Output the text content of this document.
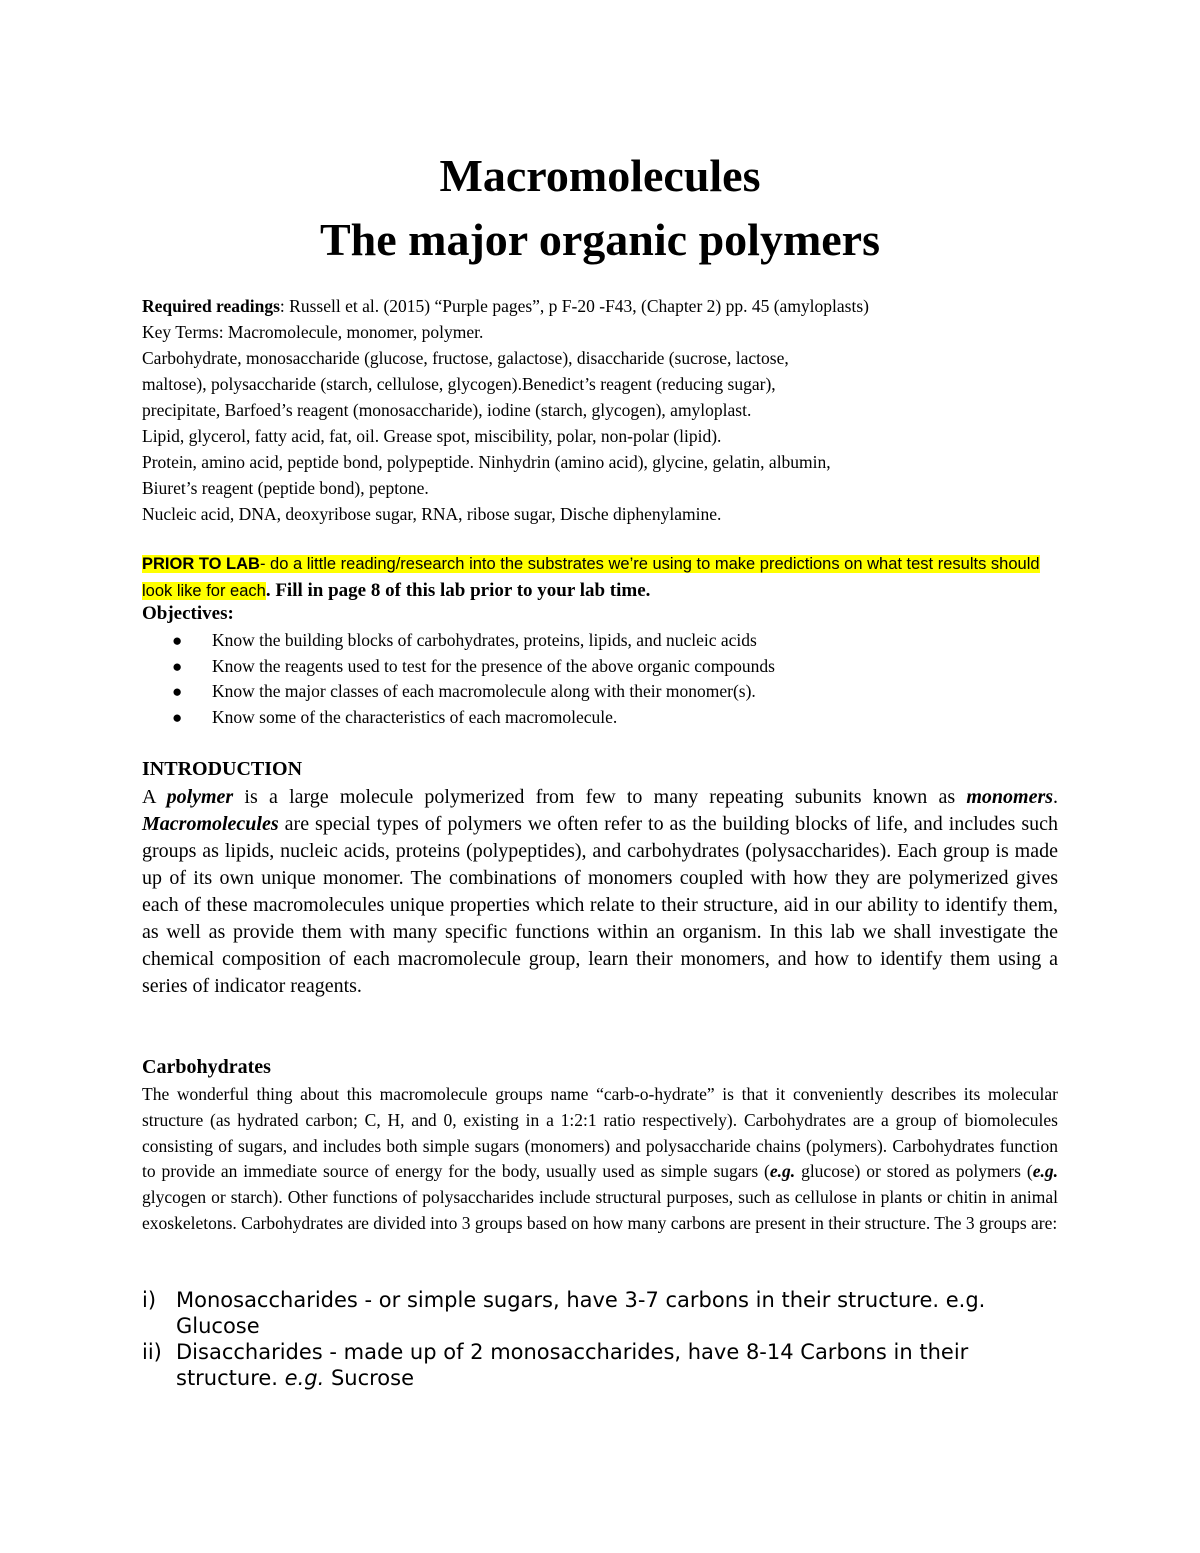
Macromolecules
The major organic polymers
Required readings: Russell et al. (2015) “Purple pages”, p F-20 -F43, (Chapter 2) pp. 45 (amyloplasts)
Key Terms: Macromolecule, monomer, polymer.
Carbohydrate, monosaccharide (glucose, fructose, galactose), disaccharide (sucrose, lactose,
maltose), polysaccharide (starch, cellulose, glycogen).Benedict’s reagent (reducing sugar),
precipitate, Barfoed’s reagent (monosaccharide), iodine (starch, glycogen), amyloplast.
Lipid, glycerol, fatty acid, fat, oil. Grease spot, miscibility, polar, non-polar (lipid).
Protein, amino acid, peptide bond, polypeptide. Ninhydrin (amino acid), glycine, gelatin, albumin,
Biuret’s reagent (peptide bond), peptone.
Nucleic acid, DNA, deoxyribose sugar, RNA, ribose sugar, Dische diphenylamine.
PRIOR TO LAB- do a little reading/research into the substrates we’re using to make predictions on what test results should look like for each. Fill in page 8 of this lab prior to your lab time.
Objectives:
● Know the building blocks of carbohydrates, proteins, lipids, and nucleic acids
● Know the reagents used to test for the presence of the above organic compounds
● Know the major classes of each macromolecule along with their monomer(s).
● Know some of the characteristics of each macromolecule.
INTRODUCTION

A polymer is a large molecule polymerized from few to many repeating subunits known as monomers. Macromolecules are special types of polymers we often refer to as the building blocks of life, and includes such groups as lipids, nucleic acids, proteins (polypeptides), and carbohydrates (polysaccharides). Each group is made up of its own unique monomer. The combinations of monomers coupled with how they are polymerized gives each of these macromolecules unique properties which relate to their structure, aid in our ability to identify them, as well as provide them with many specific functions within an organism. In this lab we shall investigate the chemical composition of each macromolecule group, learn their monomers, and how to identify them using a series of indicator reagents.

Carbohydrates

The wonderful thing about this macromolecule groups name “carb-o-hydrate” is that it conveniently describes its molecular structure (as hydrated carbon; C, H, and 0, existing in a 1:2:1 ratio respectively). Carbohydrates are a group of biomolecules consisting of sugars, and includes both simple sugars (monomers) and polysaccharide chains (polymers). Carbohydrates function to provide an immediate source of energy for the body, usually used as simple sugars (e.g. glucose) or stored as polymers (e.g. glycogen or starch). Other functions of polysaccharides include structural purposes, such as cellulose in plants or chitin in animal exoskeletons. Carbohydrates are divided into 3 groups based on how many carbons are present in their structure. The 3 groups are:

i) Monosaccharides - or simple sugars, have 3-7 carbons in their structure. e.g. Glucose
ii) Disaccharides - made up of 2 monosaccharides, have 8-14 Carbons in their structure. e.g. Sucrose
